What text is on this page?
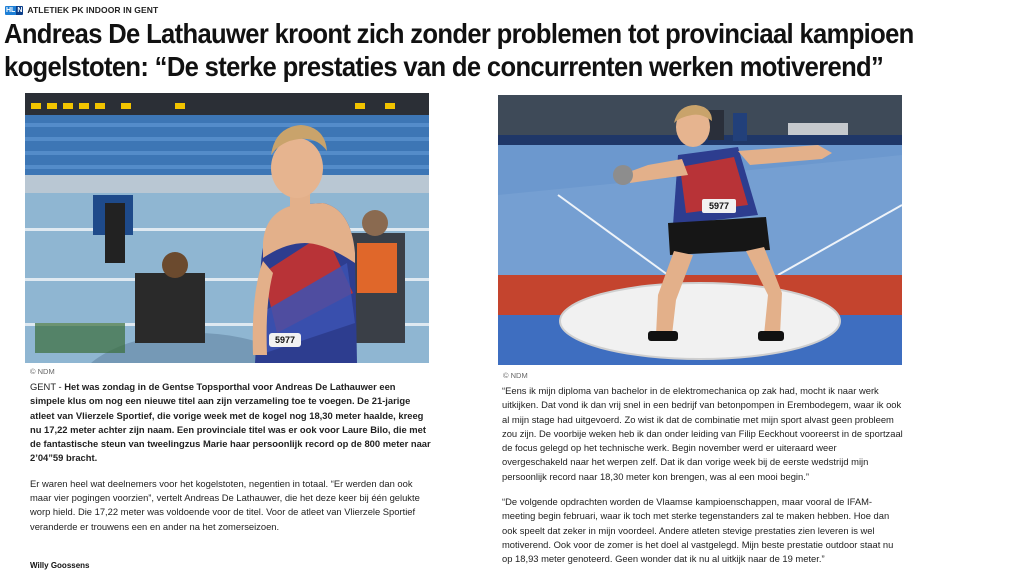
HL N ATLETIEK PK INDOOR IN GENT
Andreas De Lathauwer kroont zich zonder problemen tot provinciaal kampioen kogelstoten: “De sterke prestaties van de concurrenten werken motiverend”
5977
© NDM
5977
© NDM

GENT - Het was zondag in de Gentse Topsporthal voor Andreas De Lathauwer een simpele klus om nog een nieuwe titel aan zijn verzameling toe te voegen. De 21-jarige atleet van Vlierzele Sportief, die vorige week met de kogel nog 18,30 meter haalde, kreeg nu 17,22 meter achter zijn naam. Een provinciale titel was er ook voor Laure Bilo, die met de fantastische steun van tweelingzus Marie haar persoonlijk record op de 800 meter naar 2’04”59 bracht.

Er waren heel wat deelnemers voor het kogelstoten, negentien in totaal. “Er werden dan ook maar vier pogingen voorzien”, vertelt Andreas De Lathauwer, die het deze keer bij één gelukte worp hield. Die 17,22 meter was voldoende voor de titel. Voor de atleet van Vlierzele Sportief veranderde er trouwens een en ander na het zomerseizoen.

Willy Goossens

“Eens ik mijn diploma van bachelor in de elektromechanica op zak had, mocht ik naar werk uitkijken. Dat vond ik dan vrij snel in een bedrijf van betonpompen in Erembodegem, waar ik ook al mijn stage had uitgevoerd. Zo wist ik dat de combinatie met mijn sport alvast geen probleem zou zijn. De voorbije weken heb ik dan onder leiding van Filip Eeckhout vooreerst in de sportzaal de focus gelegd op het technische werk. Begin november werd er uiteraard weer overgeschakeld naar het werpen zelf. Dat ik dan vorige week bij de eerste wedstrijd mijn persoonlijk record naar 18,30 meter kon brengen, was al een mooi begin.”

“De volgende opdrachten worden de Vlaamse kampioenschappen, maar vooral de IFAM-meeting begin februari, waar ik toch met sterke tegenstanders zal te maken hebben. Hoe dan ook speelt dat zeker in mijn voordeel. Andere atleten stevige prestaties zien leveren is wel motiverend. Ook voor de zomer is het doel al vastgelegd. Mijn beste prestatie outdoor staat nu op 18,93 meter genoteerd. Geen wonder dat ik nu al uitkijk naar de 19 meter.”
